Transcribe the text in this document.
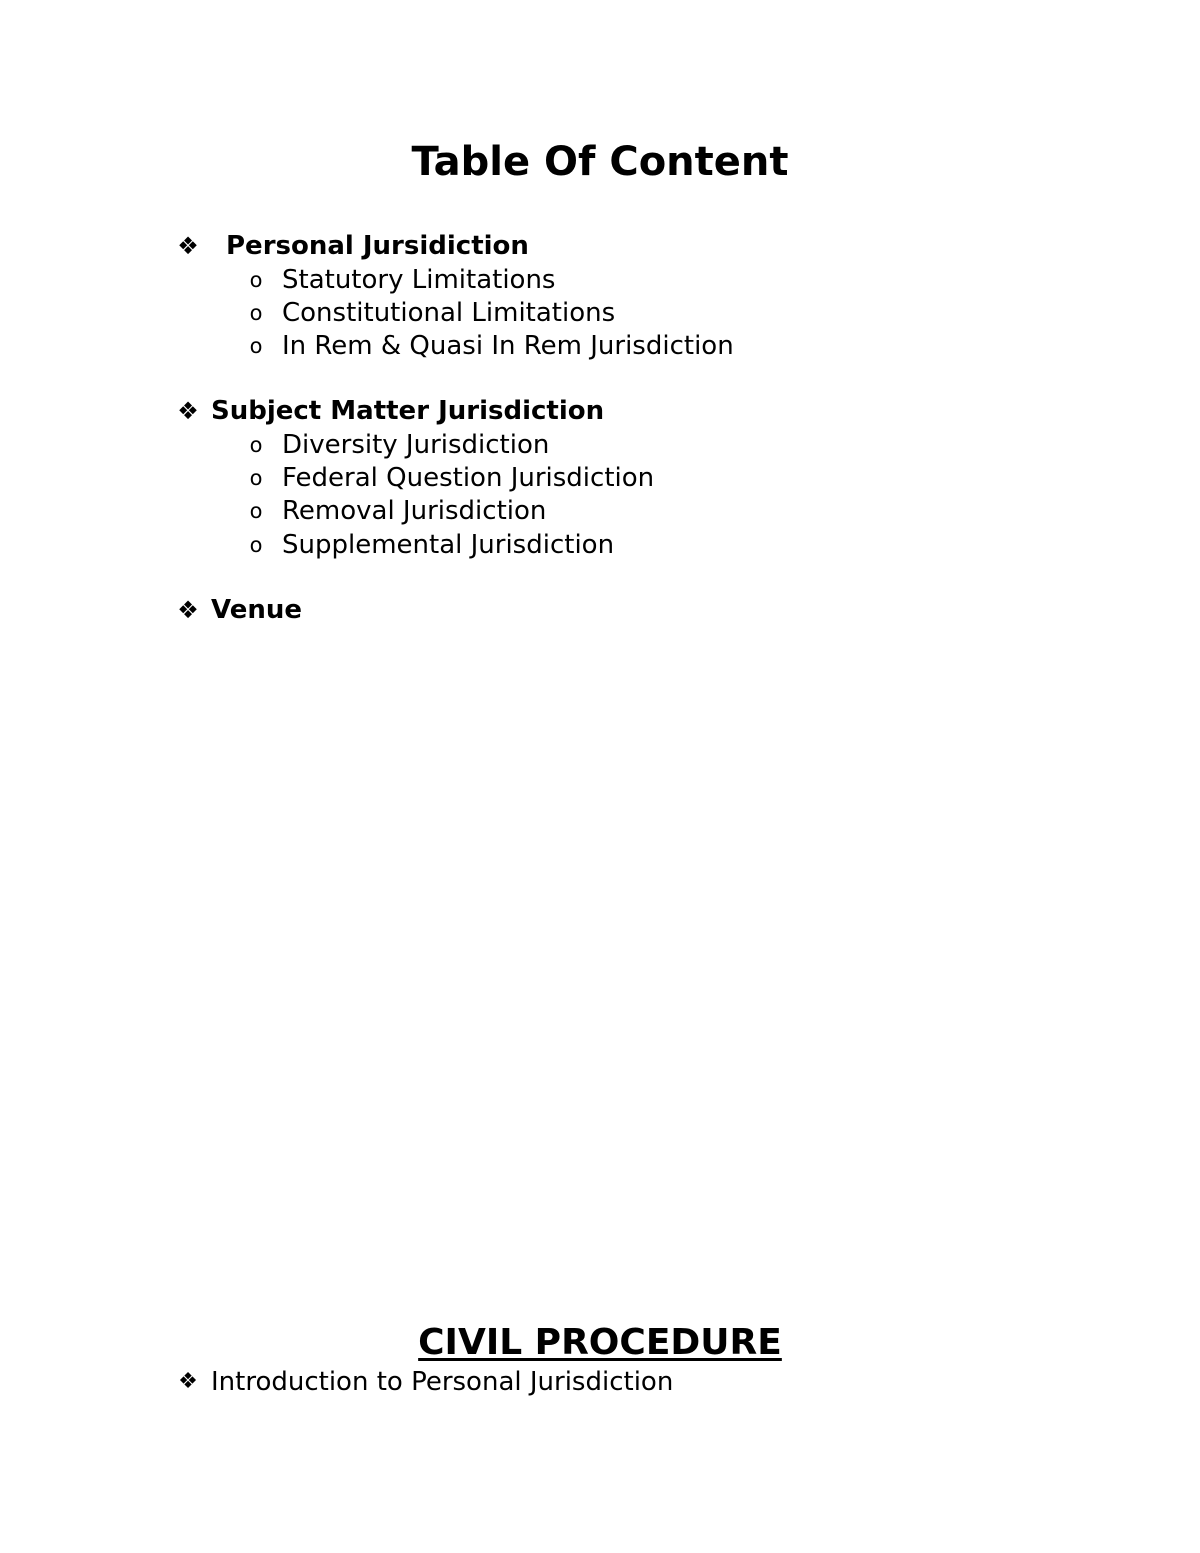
Table Of Content
❖ Personal Jursidiction
o Statutory Limitations
o Constitutional Limitations
o In Rem & Quasi In Rem Jurisdiction
❖ Subject Matter Jurisdiction
o Diversity Jurisdiction
o Federal Question Jurisdiction
o Removal Jurisdiction
o Supplemental Jurisdiction
❖ Venue
CIVIL PROCEDURE
❖ Introduction to Personal Jurisdiction
